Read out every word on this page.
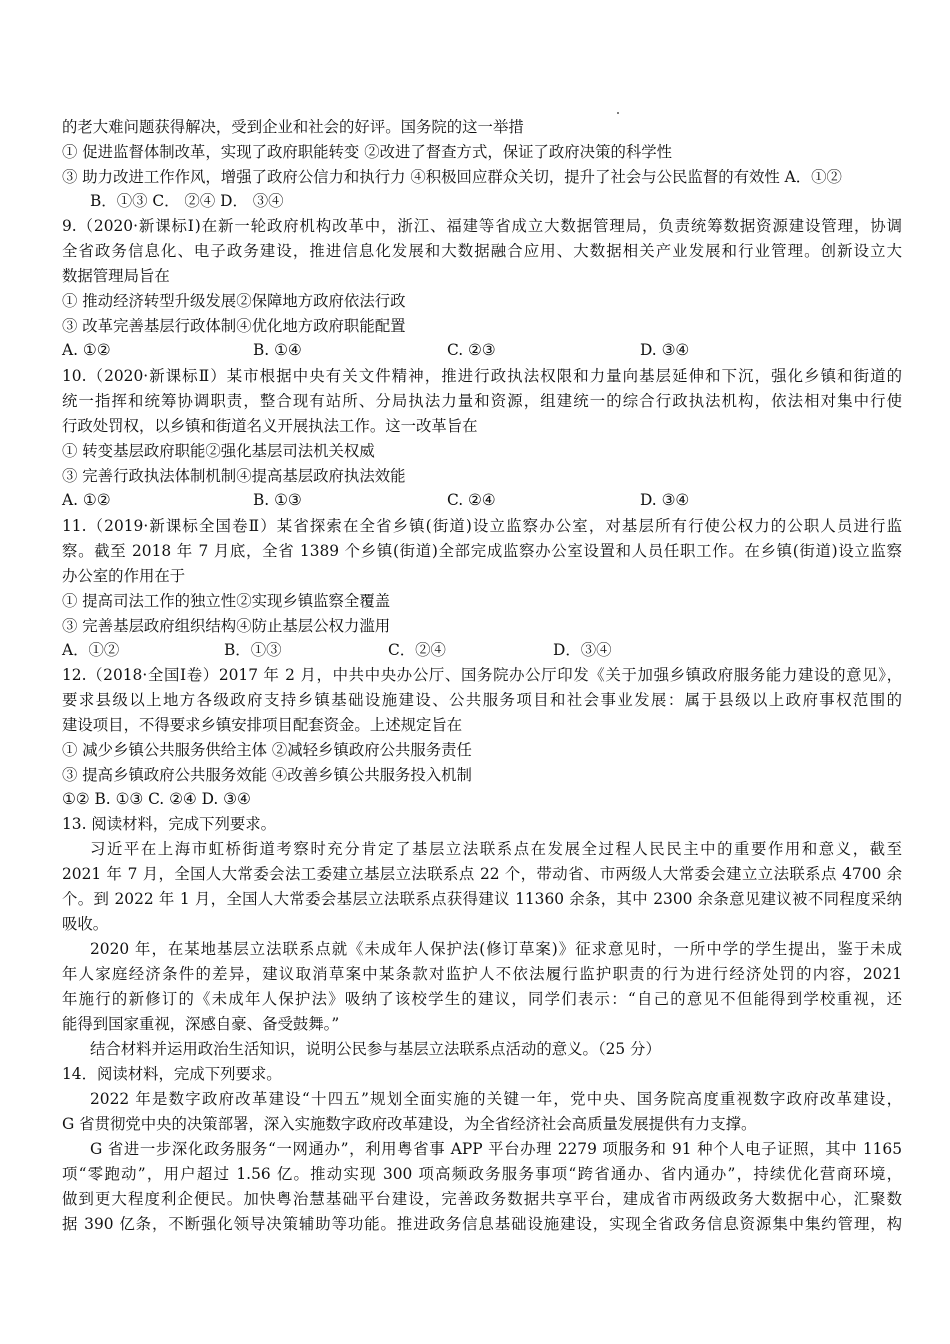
的老大难问题获得解决，受到企业和社会的好评。国务院的这一举措
① 促进监督体制改革，实现了政府职能转变 ②改进了督查方式，保证了政府决策的科学性
③ 助力改进工作作风，增强了政府公信力和执行力 ④积极回应群众关切，提升了社会与公民监督的有效性 A．①②
B．①③ C． ②④ D． ③④
9.（2020·新课标Ⅰ)在新一轮政府机构改革中，浙江、福建等省成立大数据管理局，负责统筹数据资源建设管理，协调
全省政务信息化、电子政务建设，推进信息化发展和大数据融合应用、大数据相关产业发展和行业管理。创新设立大
数据管理局旨在
① 推动经济转型升级发展②保障地方政府依法行政
③ 改革完善基层行政体制④优化地方政府职能配置
A. ①②	B. ①④	C. ②③	D. ③④
10.（2020·新课标Ⅱ）某市根据中央有关文件精神，推进行政执法权限和力量向基层延伸和下沉，强化乡镇和街道的
统一指挥和统筹协调职责，整合现有站所、分局执法力量和资源，组建统一的综合行政执法机构，依法相对集中行使
行政处罚权，以乡镇和街道名义开展执法工作。这一改革旨在
① 转变基层政府职能②强化基层司法机关权威
③ 完善行政执法体制机制④提高基层政府执法效能
A. ①②	B. ①③	C. ②④	D. ③④
11.（2019·新课标全国卷Ⅱ）某省探索在全省乡镇(街道)设立监察办公室，对基层所有行使公权力的公职人员进行监
察。截至 2018 年 7 月底，全省 1389 个乡镇(街道)全部完成监察办公室设置和人员任职工作。在乡镇(街道)设立监察
办公室的作用在于
① 提高司法工作的独立性②实现乡镇监察全覆盖
③ 完善基层政府组织结构④防止基层公权力滥用
A．①②	B．①③	C．②④	D．③④
12.（2018·全国Ⅰ卷）2017 年 2 月，中共中央办公厅、国务院办公厅印发《关于加强乡镇政府服务能力建设的意见》，
要求县级以上地方各级政府支持乡镇基础设施建设、公共服务项目和社会事业发展：属于县级以上政府事权范围的
建设项目，不得要求乡镇安排项目配套资金。上述规定旨在
① 减少乡镇公共服务供给主体 ②减轻乡镇政府公共服务责任
③ 提高乡镇政府公共服务效能 ④改善乡镇公共服务投入机制
①② B. ①③ C. ②④ D. ③④
13. 阅读材料，完成下列要求。
习近平在上海市虹桥街道考察时充分肯定了基层立法联系点在发展全过程人民民主中的重要作用和意义，截至
2021 年 7 月，全国人大常委会法工委建立基层立法联系点 22 个，带动省、市两级人大常委会建立立法联系点 4700 余
个。到 2022 年 1 月，全国人大常委会基层立法联系点获得建议 11360 余条，其中 2300 余条意见建议被不同程度采纳
吸收。
2020 年，在某地基层立法联系点就《未成年人保护法(修订草案)》征求意见时，一所中学的学生提出，鉴于未成
年人家庭经济条件的差异，建议取消草案中某条款对监护人不依法履行监护职责的行为进行经济处罚的内容，2021
年施行的新修订的《未成年人保护法》吸纳了该校学生的建议，同学们表示：“自己的意见不但能得到学校重视，还
能得到国家重视，深感自豪、备受鼓舞。”
结合材料并运用政治生活知识，说明公民参与基层立法联系点活动的意义。（25 分）
14．阅读材料，完成下列要求。
2022 年是数字政府改革建设“十四五”规划全面实施的关键一年，党中央、国务院高度重视数字政府改革建设，
G 省贯彻党中央的决策部署，深入实施数字政府改革建设，为全省经济社会高质量发展提供有力支撑。
G 省进一步深化政务服务“一网通办”，利用粤省事 APP 平台办理 2279 项服务和 91 种个人电子证照，其中 1165
项“零跑动”，用户超过 1.56 亿。推动实现 300 项高频政务服务事项“跨省通办、省内通办”，持续优化营商环境，
做到更大程度利企便民。加快粤治慧基础平台建设，完善政务数据共享平台，建成省市两级政务大数据中心，汇聚数
据 390 亿条，不断强化领导决策辅助等功能。推进政务信息基础设施建设，实现全省政务信息资源集中集约管理，构
